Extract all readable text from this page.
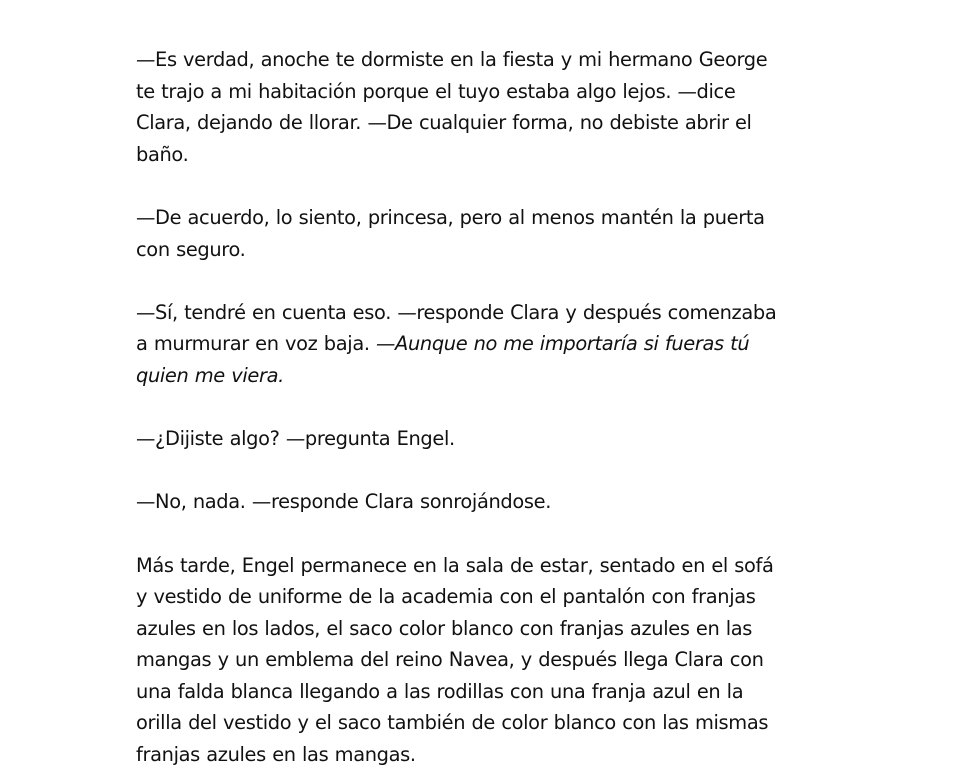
—Es verdad, anoche te dormiste en la fiesta y mi hermano George
te trajo a mi habitación porque el tuyo estaba algo lejos. —dice
Clara, dejando de llorar. —De cualquier forma, no debiste abrir el
baño.

—De acuerdo, lo siento, princesa, pero al menos mantén la puerta
con seguro.

—Sí, tendré en cuenta eso. —responde Clara y después comenzaba
a murmurar en voz baja. —Aunque no me importaría si fueras tú
quien me viera.

—¿Dijiste algo? —pregunta Engel.

—No, nada. —responde Clara sonrojándose.

Más tarde, Engel permanece en la sala de estar, sentado en el sofá
y vestido de uniforme de la academia con el pantalón con franjas
azules en los lados, el saco color blanco con franjas azules en las
mangas y un emblema del reino Navea, y después llega Clara con
una falda blanca llegando a las rodillas con una franja azul en la
orilla del vestido y el saco también de color blanco con las mismas
franjas azules en las mangas.
